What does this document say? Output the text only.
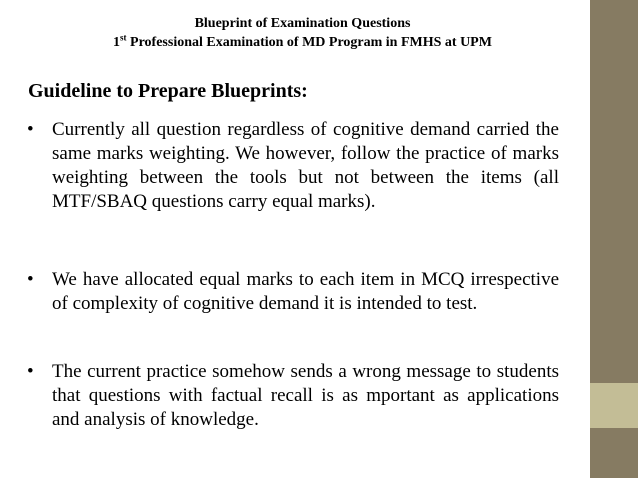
Blueprint of Examination Questions
1st Professional Examination of MD Program in FMHS at UPM
Guideline to Prepare Blueprints:
• Currently all question regardless of cognitive demand carried the same marks weighting. We however, follow the practice of marks weighting between the tools but not between the items (all MTF/SBAQ questions carry equal marks).
• We have allocated equal marks to each item in MCQ irrespective of complexity of cognitive demand it is intended to test.
• The current practice somehow sends a wrong message to students that questions with factual recall is as mportant as applications and analysis of knowledge.
